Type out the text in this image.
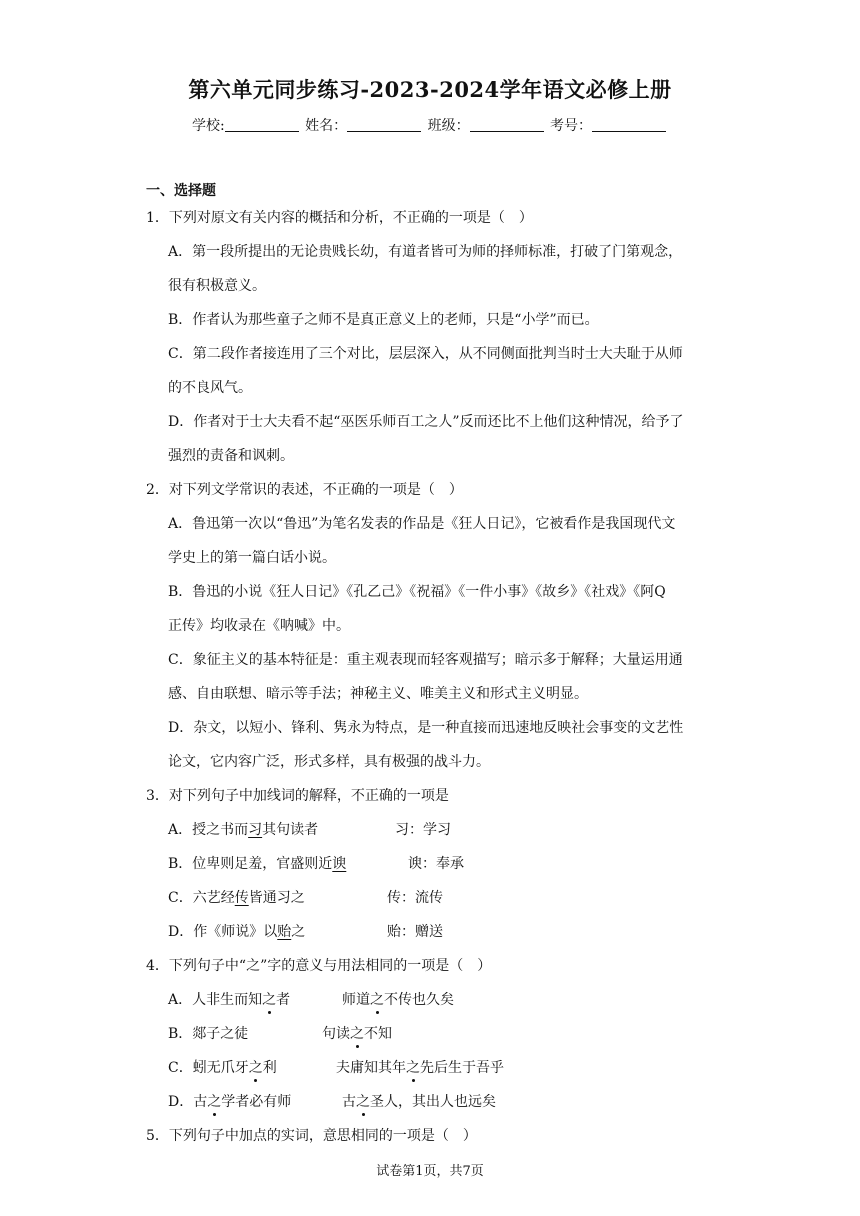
第六单元同步练习-2023-2024学年语文必修上册
学校:	姓名：	班级：	考号：
一、选择题
1．下列对原文有关内容的概括和分析，不正确的一项是（　）
A．第一段所提出的无论贵贱长幼，有道者皆可为师的择师标准，打破了门第观念，
很有积极意义。
B．作者认为那些童子之师不是真正意义上的老师，只是“小学”而已。
C．第二段作者接连用了三个对比，层层深入，从不同侧面批判当时士大夫耻于从师
的不良风气。
D．作者对于士大夫看不起“巫医乐师百工之人”反而还比不上他们这种情况，给予了
强烈的责备和讽刺。
2．对下列文学常识的表述，不正确的一项是（　）
A．鲁迅第一次以“鲁迅”为笔名发表的作品是《狂人日记》，它被看作是我国现代文
学史上的第一篇白话小说。
B．鲁迅的小说《狂人日记》《孔乙己》《祝福》《一件小事》《故乡》《社戏》《阿Q
正传》均收录在《呐喊》中。
C．象征主义的基本特征是：重主观表现而轻客观描写；暗示多于解释；大量运用通
感、自由联想、暗示等手法；神秘主义、唯美主义和形式主义明显。
D．杂文，以短小、锋利、隽永为特点，是一种直接而迅速地反映社会事变的文艺性
论文，它内容广泛，形式多样，具有极强的战斗力。
3．对下列句子中加线词的解释，不正确的一项是
A．授之书而习其句读者	习：学习
B．位卑则足羞，官盛则近谀	谀：奉承
C．六艺经传皆通习之	传：流传
D．作《师说》以贻之	贻：赠送
4．下列句子中“之”字的意义与用法相同的一项是（　）
A．人非生而知之者	师道之不传也久矣
B．郯子之徒	句读之不知
C．蚓无爪牙之利	夫庸知其年之先后生于吾乎
D．古之学者必有师	古之圣人，其出人也远矣
5．下列句子中加点的实词，意思相同的一项是（　）
试卷第1页，共7页
